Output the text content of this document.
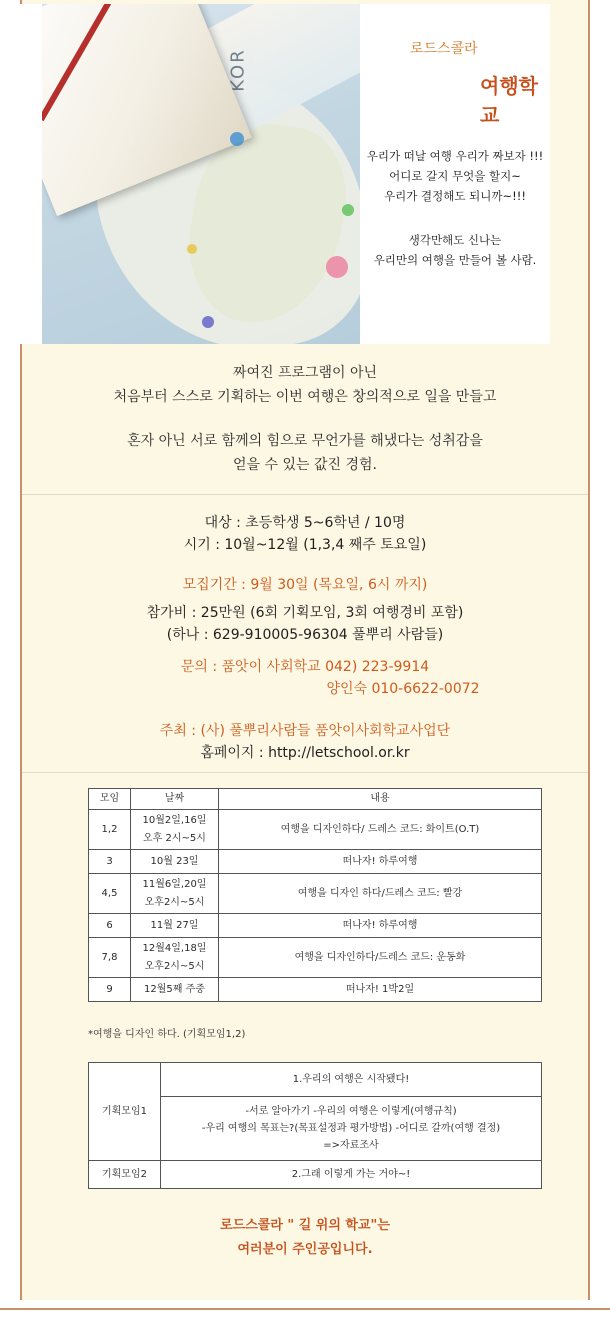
KOR	로드스콜라
여행학교
우리가 떠날 여행 우리가 짜보자 !!!
어디로 갈지 무엇을 할지~
우리가 결정해도 되니까~!!!
생각만해도 신나는
우리만의 여행을 만들어 볼 사람.
짜여진 프로그램이 아닌
처음부터 스스로 기획하는 이번 여행은 창의적으로 일을 만들고
혼자 아닌 서로 함께의 힘으로 무언가를 해냈다는 성취감을
얻을 수 있는 값진 경험.
대상 : 초등학생 5~6학년 / 10명
시기 : 10월~12월 (1,3,4 째주 토요일)
모집기간 : 9월 30일 (목요일, 6시 까지)
참가비 : 25만원 (6회 기획모임, 3회 여행경비 포함)
(하나 : 629-910005-96304 풀뿌리 사람들)
문의 : 품앗이 사회학교 042) 223-9914
양인숙 010-6622-0072
주최 : (사) 풀뿌리사람들 품앗이사회학교사업단
홈페이지 : http://letschool.or.kr
모임	날짜	내용
1,2	10월2일,16일
오후 2시~5시	여행을 디자인하다/ 드레스 코드: 화이트(O.T)
3	10월 23일	떠나자! 하루여행
4,5	11월6일,20일
오후2시~5시	여행을 디자인 하다/드레스 코드: 빨강
6	11월 27일	떠나자! 하루여행
7,8	12월4일,18일
오후2시~5시	여행을 디자인하다/드레스 코드: 운동화
9	12월5째 주중	떠나자! 1박2일
*여행을 디자인 하다. (기획모임1,2)
기획모임1	1.우리의 여행은 시작됐다!

	-서로 알아가기 -우리의 여행은 이렇게(여행규칙)
-우리 여행의 목표는?(목표설정과 평가방법) -어디로 갈까(여행 결정)
=>자료조사

기획모임2	2.그래 이렇게 가는 거야~!
로드스콜라 " 길 위의 학교"는
여러분이 주인공입니다.
